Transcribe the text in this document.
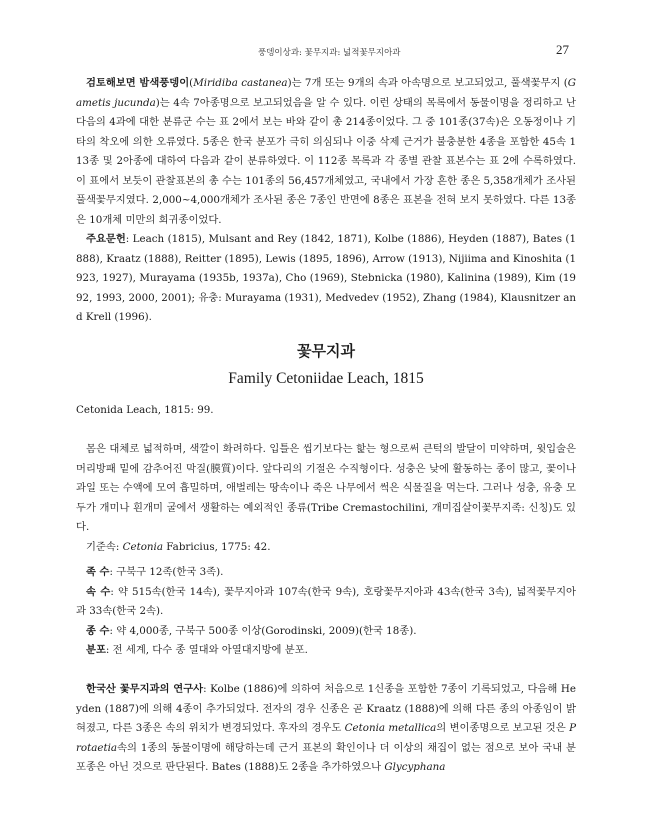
풍뎅이상과: 꽃무지과: 넓적꽃무지아과	27

검토해보면 밤색풍뎅이(Miridiba castanea)는 7개 또는 9개의 속과 아속명으로 보고되었고, 풀색꽃무지 (Gametis jucunda)는 4속 7아종명으로 보고되었음을 알 수 있다. 이런 상태의 목록에서 동물이명을 정리하고 난 다음의 4과에 대한 분류군 수는 표 2에서 보는 바와 같이 총 214종이었다. 그 중 101종(37속)은 오동정이나 기타의 착오에 의한 오류였다. 5종은 한국 분포가 극히 의심되나 이중 삭제 근거가 불충분한 4종을 포함한 45속 113종 및 2아종에 대하여 다음과 같이 분류하였다. 이 112종 목록과 각 종별 관찰 표본수는 표 2에 수록하였다. 이 표에서 보듯이 관찰표본의 총 수는 101종의 56,457개체였고, 국내에서 가장 흔한 종은 5,358개체가 조사된 풀색꽃무지였다. 2,000~4,000개체가 조사된 종은 7종인 반면에 8종은 표본을 전혀 보지 못하였다. 다른 13종은 10개체 미만의 희귀종이었다.

주요문헌: Leach (1815), Mulsant and Rey (1842, 1871), Kolbe (1886), Heyden (1887), Bates (1888), Kraatz (1888), Reitter (1895), Lewis (1895, 1896), Arrow (1913), Nijiima and Kinoshita (1923, 1927), Murayama (1935b, 1937a), Cho (1969), Stebnicka (1980), Kalinina (1989), Kim (1992, 1993, 2000, 2001); 유충: Murayama (1931), Medvedev (1952), Zhang (1984), Klausnitzer and Krell (1996).

꽃무지과
Family Cetoniidae Leach, 1815

Cetonida Leach, 1815: 99.

몸은 대체로 넓적하며, 색깔이 화려하다. 입틀은 씹기보다는 핥는 형으로써 큰턱의 발달이 미약하며, 윗입술은 머리방패 밑에 감추어진 막질(膜質)이다. 앞다리의 기절은 수직형이다. 성충은 낮에 활동하는 종이 많고, 꽃이나 과일 또는 수액에 모여 흡밀하며, 애벌레는 땅속이나 죽은 나무에서 썩은 식물질을 먹는다. 그러나 성충, 유충 모두가 개미나 흰개미 굴에서 생활하는 예외적인 종류(Tribe Cremastochilini, 개미집살이꽃무지족: 신칭)도 있다.

기준속: Cetonia Fabricius, 1775: 42.

족 수: 구북구 12족(한국 3족).

속 수: 약 515속(한국 14속), 꽃무지아과 107속(한국 9속), 호랑꽃무지아과 43속(한국 3속), 넓적꽃무지아과 33속(한국 2속).

종 수: 약 4,000종, 구북구 500종 이상(Gorodinski, 2009)(한국 18종).

분포: 전 세계, 다수 종 열대와 아열대지방에 분포.

한국산 꽃무지과의 연구사: Kolbe (1886)에 의하여 처음으로 1신종을 포함한 7종이 기록되었고, 다음해 Heyden (1887)에 의해 4종이 추가되었다. 전자의 경우 신종은 곧 Kraatz (1888)에 의해 다른 종의 아종임이 밝혀졌고, 다른 3종은 속의 위치가 변경되었다. 후자의 경우도 Cetonia metallica의 변이종명으로 보고된 것은 Protaetia속의 1종의 동물이명에 해당하는데 근거 표본의 확인이나 더 이상의 채집이 없는 점으로 보아 국내 분포종은 아닌 것으로 판단된다. Bates (1888)도 2종을 추가하였으나 Glycyphana
